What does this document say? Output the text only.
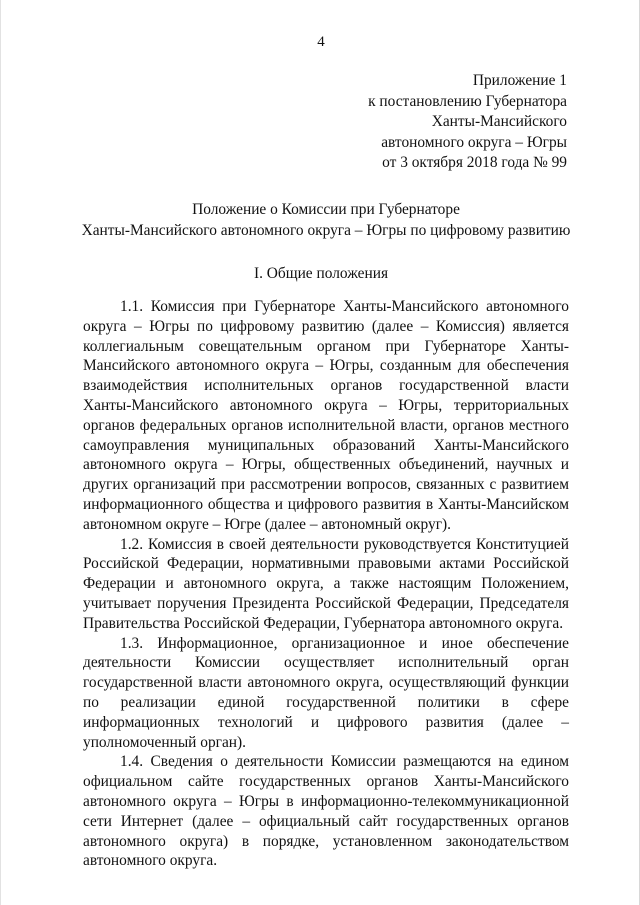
4
Приложение 1
к постановлению Губернатора
Ханты-Мансийского
автономного округа – Югры
от 3 октября 2018 года № 99
Положение о Комиссии при Губернаторе
Ханты-Мансийского автономного округа – Югры по цифровому развитию
I. Общие положения

1.1. Комиссия при Губернаторе Ханты-Мансийского автономного округа – Югры по цифровому развитию (далее – Комиссия) является коллегиальным совещательным органом при Губернаторе Ханты-Мансийского автономного округа – Югры, созданным для обеспечения взаимодействия исполнительных органов государственной власти Ханты-Мансийского автономного округа – Югры, территориальных органов федеральных органов исполнительной власти, органов местного самоуправления муниципальных образований Ханты-Мансийского автономного округа – Югры, общественных объединений, научных и других организаций при рассмотрении вопросов, связанных с развитием информационного общества и цифрового развития в Ханты-Мансийском автономном округе – Югре (далее – автономный округ).

1.2. Комиссия в своей деятельности руководствуется Конституцией Российской Федерации, нормативными правовыми актами Российской Федерации и автономного округа, а также настоящим Положением, учитывает поручения Президента Российской Федерации, Председателя Правительства Российской Федерации, Губернатора автономного округа.

1.3. Информационное, организационное и иное обеспечение деятельности Комиссии осуществляет исполнительный орган государственной власти автономного округа, осуществляющий функции по реализации единой государственной политики в сфере информационных технологий и цифрового развития (далее – уполномоченный орган).

1.4. Сведения о деятельности Комиссии размещаются на едином официальном сайте государственных органов Ханты-Мансийского автономного округа – Югры в информационно-телекоммуникационной сети Интернет (далее – официальный сайт государственных органов автономного округа) в порядке, установленном законодательством автономного округа.
